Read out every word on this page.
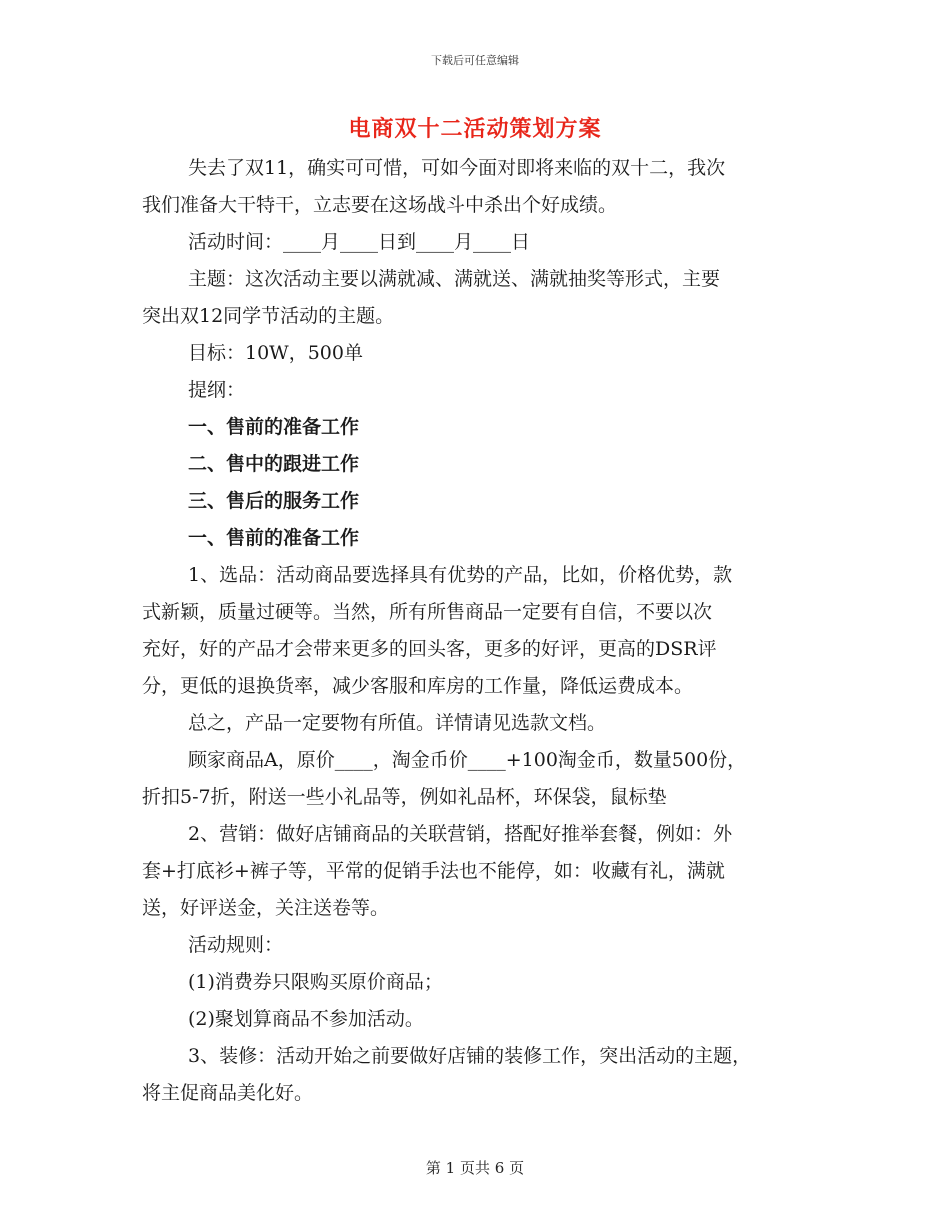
下载后可任意编辑
电商双十二活动策划方案
失去了双11，确实可可惜，可如今面对即将来临的双十二，我次
我们准备大干特干，立志要在这场战斗中杀出个好成绩。
活动时间：____月____日到____月____日
主题：这次活动主要以满就减、满就送、满就抽奖等形式，主要
突出双12同学节活动的主题。
目标：10W，500单
提纲：
一、售前的准备工作
二、售中的跟进工作
三、售后的服务工作
一、售前的准备工作
1、选品：活动商品要选择具有优势的产品，比如，价格优势，款
式新颖，质量过硬等。当然，所有所售商品一定要有自信，不要以次
充好，好的产品才会带来更多的回头客，更多的好评，更高的DSR评
分，更低的退换货率，减少客服和库房的工作量，降低运费成本。
总之，产品一定要物有所值。详情请见选款文档。
顾家商品A，原价____，淘金币价____+100淘金币，数量500份，
折扣5-7折，附送一些小礼品等，例如礼品杯，环保袋，鼠标垫
2、营销：做好店铺商品的关联营销，搭配好推举套餐，例如：外
套+打底衫+裤子等，平常的促销手法也不能停，如：收藏有礼，满就
送，好评送金，关注送卷等。
活动规则：
(1)消费券只限购买原价商品；
(2)聚划算商品不参加活动。
3、装修：活动开始之前要做好店铺的装修工作，突出活动的主题，
将主促商品美化好。
第 1 页共 6 页
